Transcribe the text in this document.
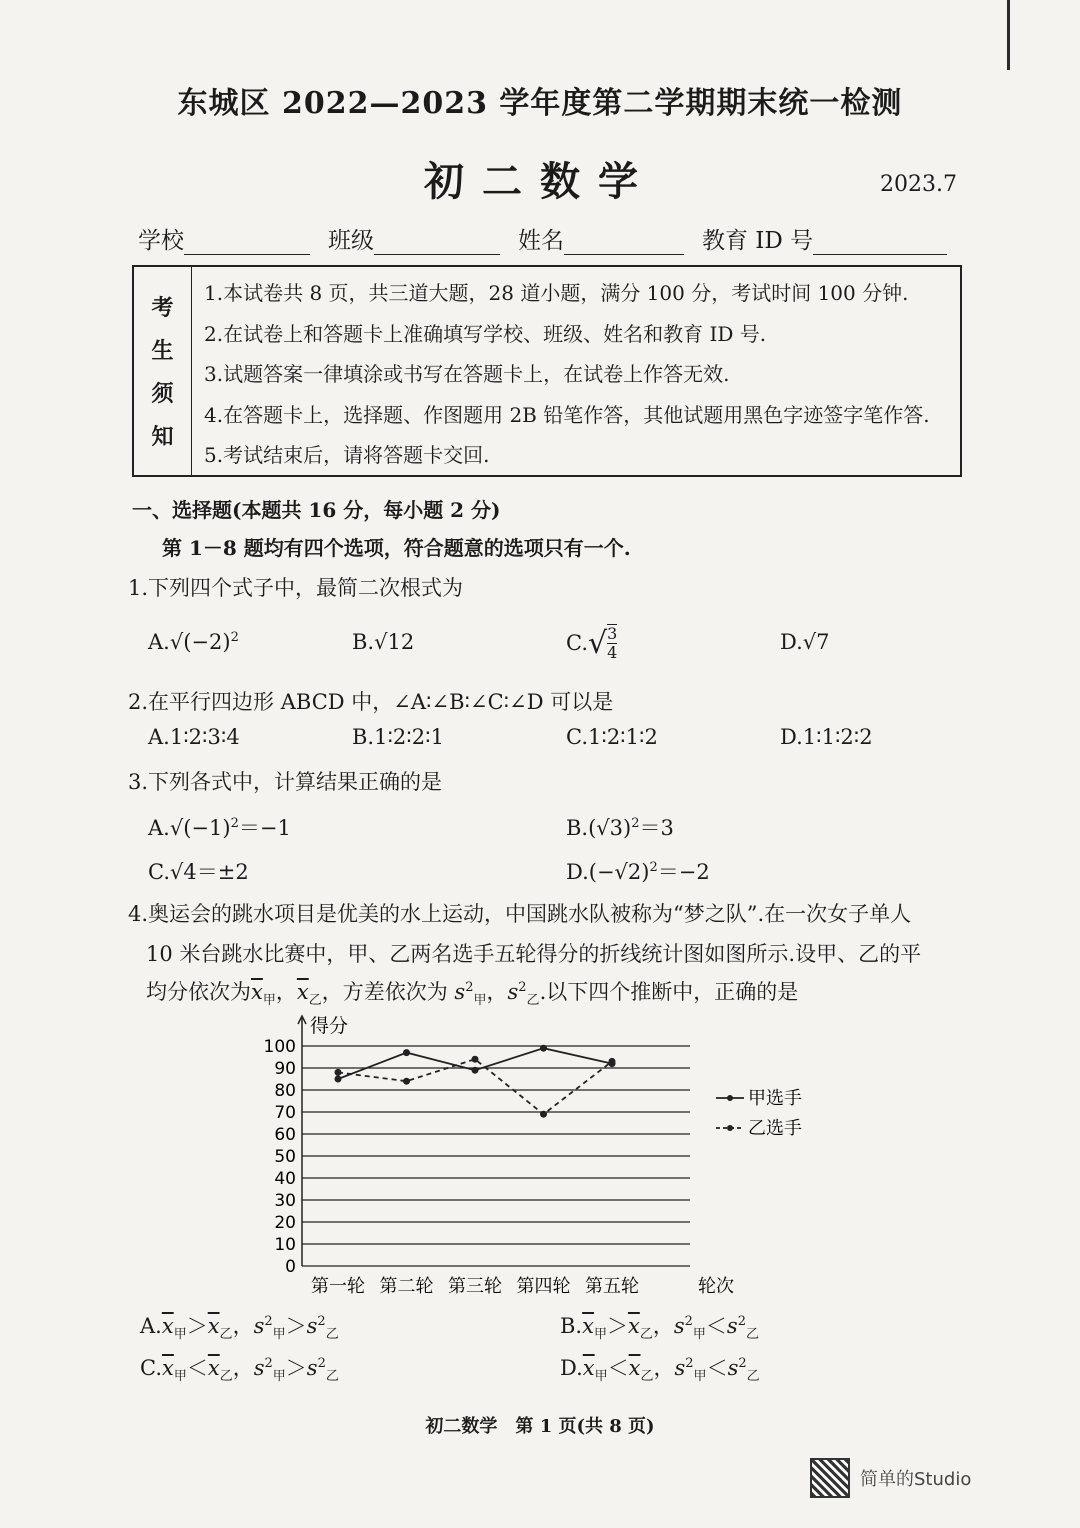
东城区 2022—2023 学年度第二学期期末统一检测
初二数学	2023.7
学校	班级	姓名	教育 ID 号
考
生
须
知
1.本试卷共 8 页，共三道大题，28 道小题，满分 100 分，考试时间 100 分钟.
2.在试卷上和答题卡上准确填写学校、班级、姓名和教育 ID 号.
3.试题答案一律填涂或书写在答题卡上，在试卷上作答无效.
4.在答题卡上，选择题、作图题用 2B 铅笔作答，其他试题用黑色字迹签字笔作答.
5.考试结束后，请将答题卡交回.
一、选择题(本题共 16 分，每小题 2 分)
第 1－8 题均有四个选项，符合题意的选项只有一个.
1.下列四个式子中，最简二次根式为
$A.√(-2)^2$	B.√12	C. √ 3
4	D.√7
2.在平行四边形 ABCD 中，∠A∶∠B∶∠C∶∠D 可以是
A.1∶2∶3∶4	B.1∶2∶2∶1	C.1∶2∶1∶2	D.1∶1∶2∶2
3.下列各式中，计算结果正确的是
$A.√(-1)^2=-1$	$B.(√3)^2=3$
C.√4＝±2	$D.(-√2)^2=-2$
4.奥运会的跳水项目是优美的水上运动，中国跳水队被称为“梦之队”.在一次女子单人
10 米台跳水比赛中，甲、乙两名选手五轮得分的折线统计图如图所示.设甲、乙的平
均分依次为$\overline{x}_甲$，$\overline{x}_乙$，方差依次为 $s^2_甲$，$s^2_乙$.以下四个推断中，正确的是
得分
0
10
20
30
40
50
60
70
80
90
100
第一轮 第二轮 第三轮 第四轮 第五轮	轮次
甲选手
乙选手
$A.\overline{x}_甲>\overline{x}_乙$，$s^2_甲>s^2_乙$	$B.\overline{x}_甲>\overline{x}_乙$，$s^2_甲<s^2_乙$
$C.\overline{x}_甲<\overline{x}_乙$，$s^2_甲>s^2_乙$	$D.\overline{x}_甲<\overline{x}_乙$，$s^2_甲<s^2_乙$
初二数学　第 1 页(共 8 页)
简单的Studio
